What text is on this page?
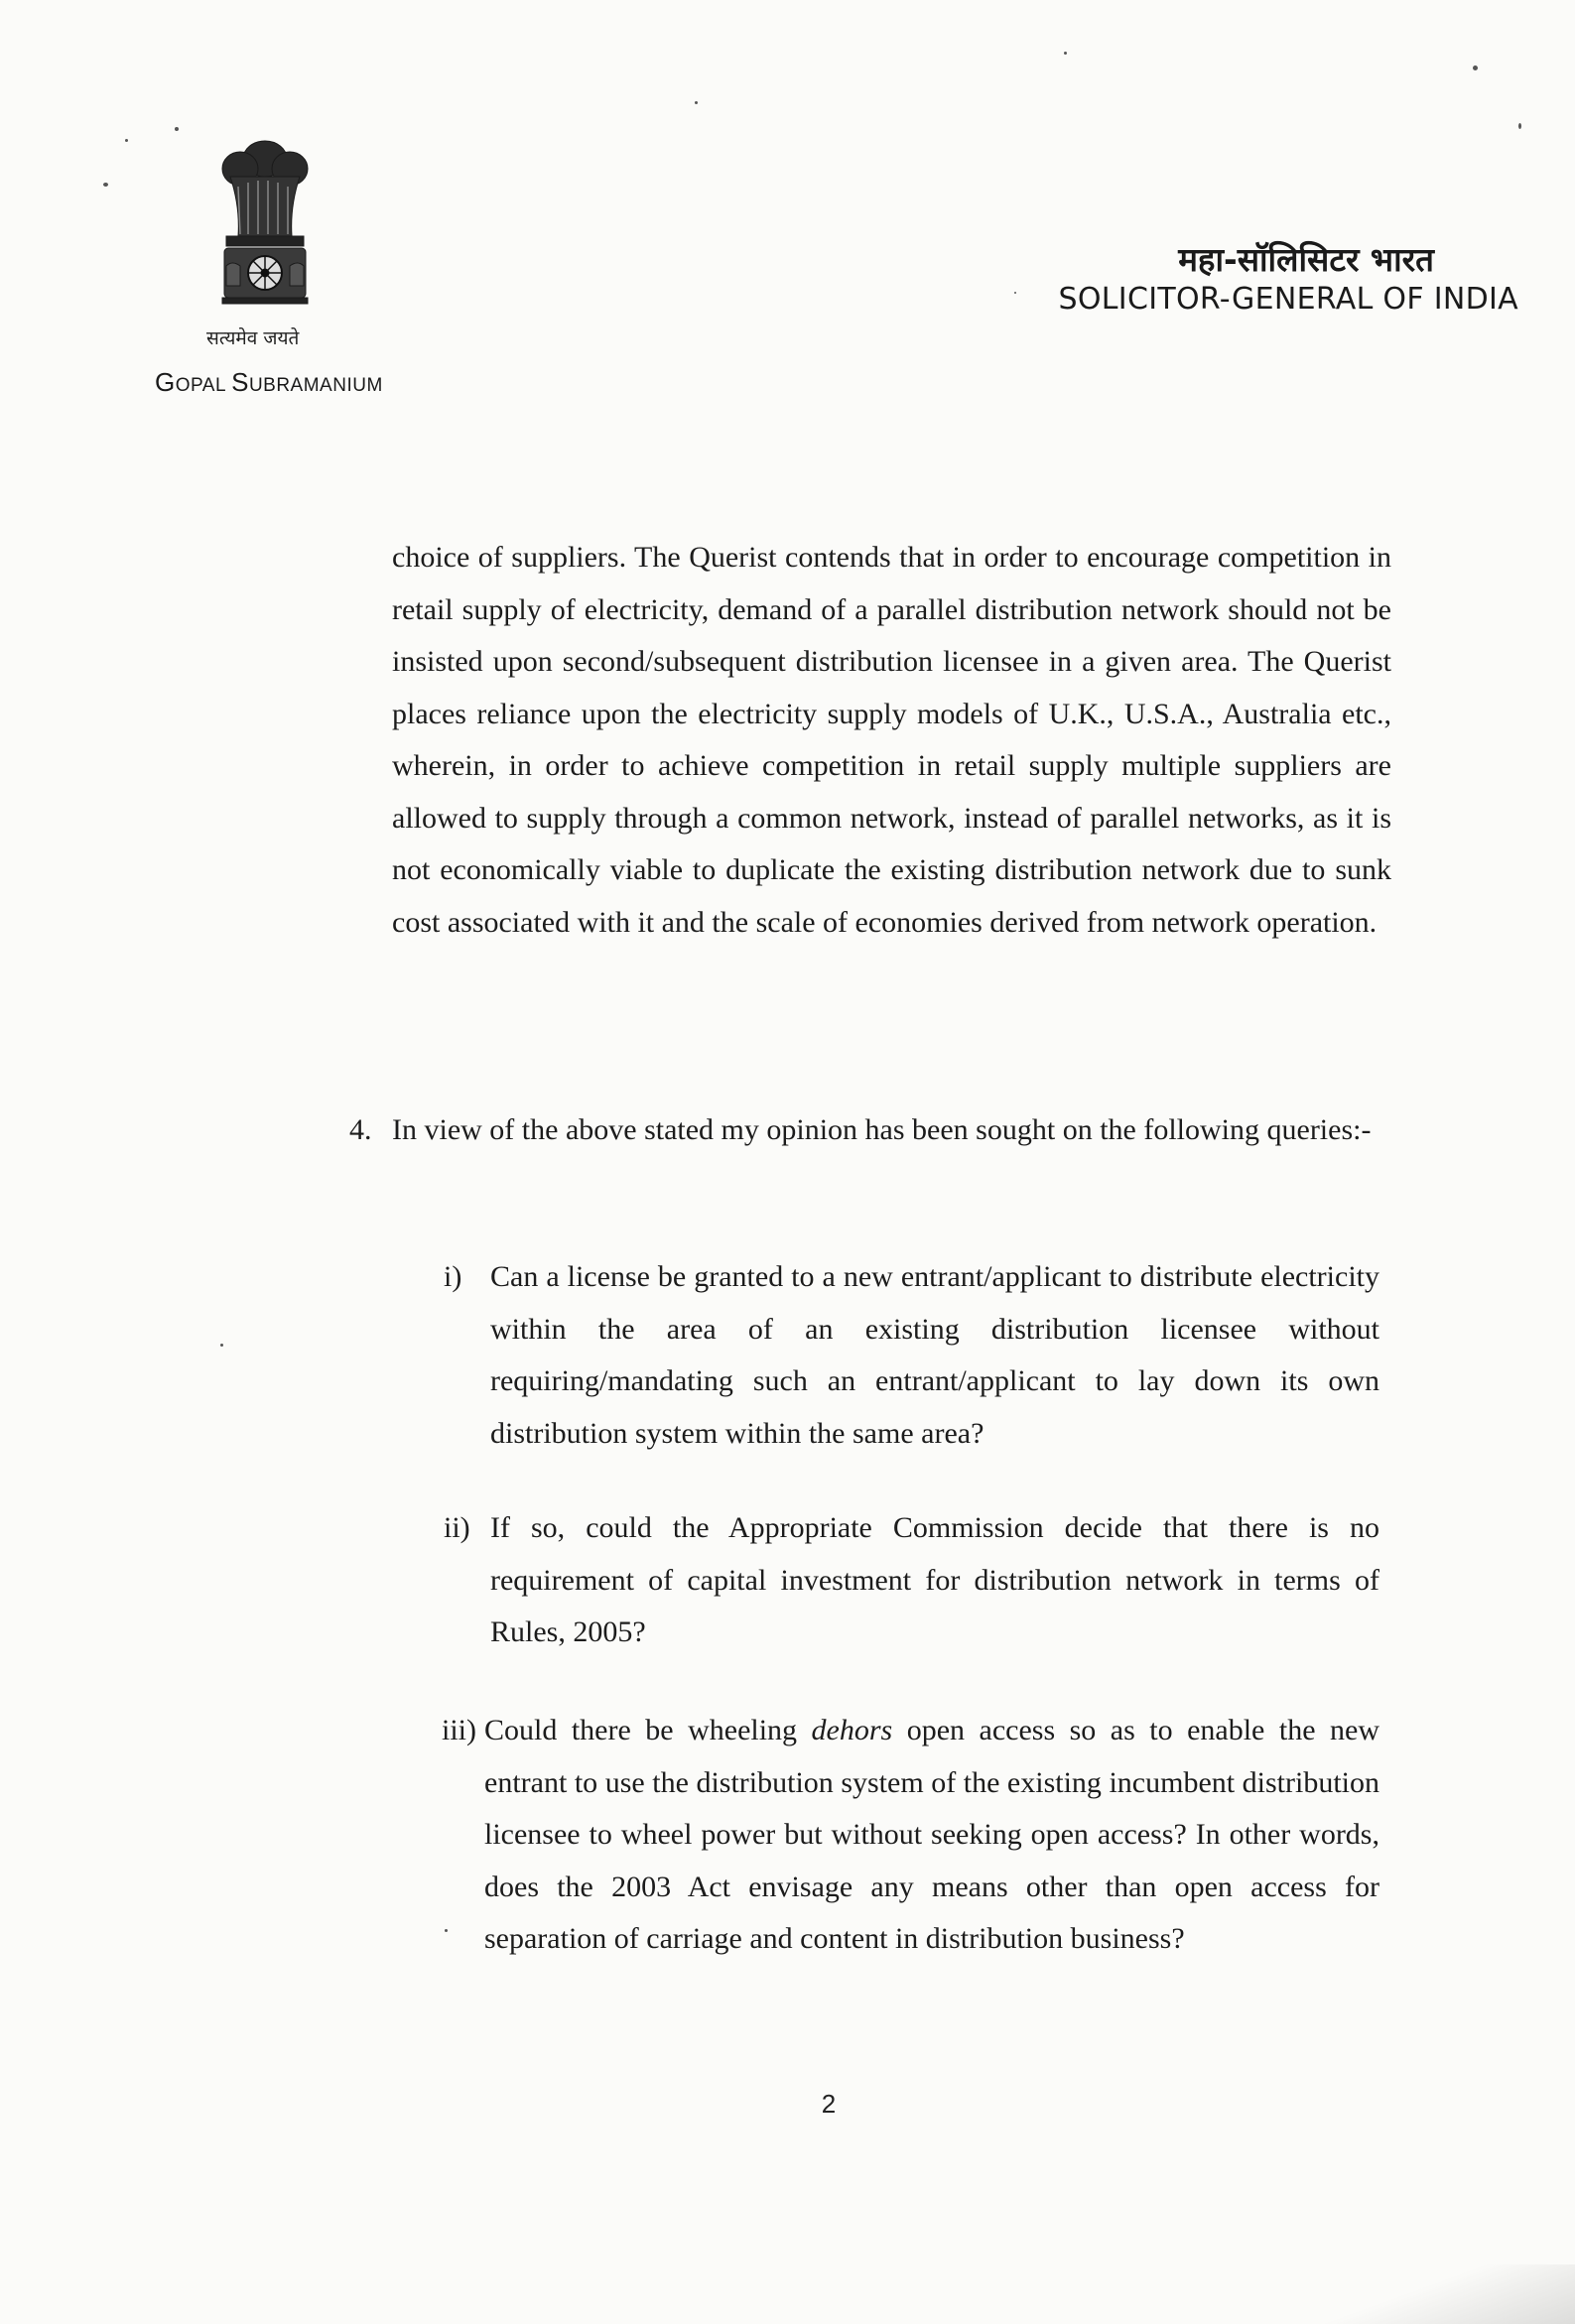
सत्यमेव जयते
GOPAL SUBRAMANIUM
महा-सॉलिसिटर भारत
SOLICITOR-GENERAL OF INDIA
choice of suppliers. The Querist contends that in order to encourage competition in retail supply of electricity, demand of a parallel distribution network should not be insisted upon second/subsequent distribution licensee in a given area. The Querist places reliance upon the electricity supply models of U.K., U.S.A., Australia etc., wherein, in order to achieve competition in retail supply multiple suppliers are allowed to supply through a common network, instead of parallel networks, as it is not economically viable to duplicate the existing distribution network due to sunk cost associated with it and the scale of economies derived from network operation.
4. In view of the above stated my opinion has been sought on the following queries:-
i) Can a license be granted to a new entrant/applicant to distribute electricity within the area of an existing distribution licensee without requiring/mandating such an entrant/applicant to lay down its own distribution system within the same area?
ii) If so, could the Appropriate Commission decide that there is no requirement of capital investment for distribution network in terms of Rules, 2005?
iii) Could there be wheeling dehors open access so as to enable the new entrant to use the distribution system of the existing incumbent distribution licensee to wheel power but without seeking open access? In other words, does the 2003 Act envisage any means other than open access for separation of carriage and content in distribution business?
2
